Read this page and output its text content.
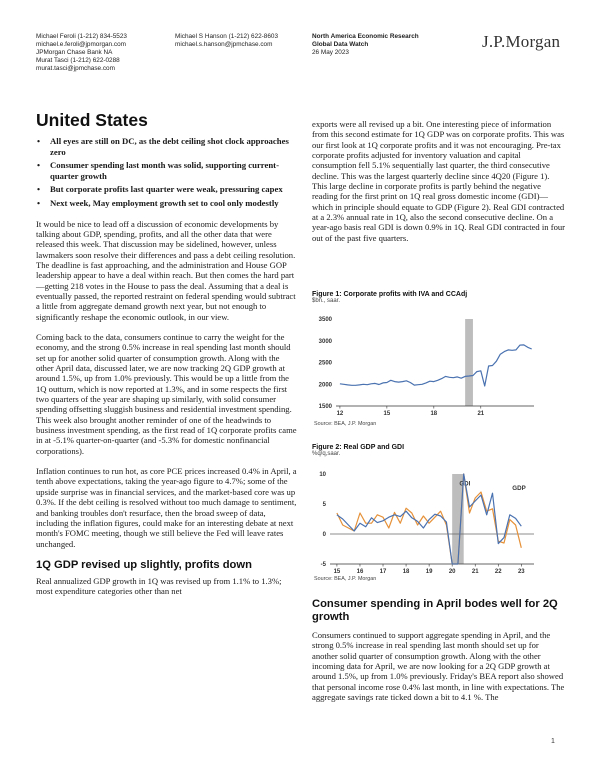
Michael Feroli (1-212) 834-5523
michael.e.feroli@jpmorgan.com
JPMorgan Chase Bank NA
Murat Tasci (1-212) 622-0288
murat.tasci@jpmchase.com
Michael S Hanson (1-212) 622-8603
michael.s.hanson@jpmchase.com
North America Economic Research
Global Data Watch
26 May 2023
J.P.Morgan
United States
• All eyes are still on DC, as the debt ceiling shot clock approaches zero
• Consumer spending last month was solid, supporting current-quarter growth
• But corporate profits last quarter were weak, pressuring capex
• Next week, May employment growth set to cool only modestly

It would be nice to lead off a discussion of economic developments by talking about GDP, spending, profits, and all the other data that were released this week. That discussion may be sidelined, however, unless lawmakers soon resolve their differences and pass a debt ceiling resolution. The deadline is fast approaching, and the administration and House GOP leadership appear to have a deal within reach. But then comes the hard part—getting 218 votes in the House to pass the deal. Assuming that a deal is eventually passed, the reported restraint on federal spending would subtract a little from aggregate demand growth next year, but not enough to significantly reshape the economic outlook, in our view.

Coming back to the data, consumers continue to carry the weight for the economy, and the strong 0.5% increase in real spending last month should set up for another solid quarter of consumption growth. Along with the other April data, discussed later, we are now tracking 2Q GDP growth at around 1.5%, up from 1.0% previously. This would be up a little from the 1Q outturn, which is now reported at 1.3%, and in some respects the first two quarters of the year are shaping up similarly, with solid consumer spending offsetting sluggish business and residential investment spending. This week also brought another reminder of one of the headwinds to business investment spending, as the first read of 1Q corporate profits came in at -5.1% quarter-on-quarter (and -5.3% for domestic nonfinancial corporations).

Inflation continues to run hot, as core PCE prices increased 0.4% in April, a tenth above expectations, taking the year-ago figure to 4.7%; some of the upside surprise was in financial services, and the market-based core was up 0.3%. If the debt ceiling is resolved without too much damage to sentiment, and banking troubles don't resurface, then the broad sweep of data, including the inflation figures, could make for an interesting debate at next month's FOMC meeting, though we still believe the Fed will leave rates unchanged.

1Q GDP revised up slightly, profits down

Real annualized GDP growth in 1Q was revised up from 1.1% to 1.3%; most expenditure categories other than net

exports were all revised up a bit. One interesting piece of information from this second estimate for 1Q GDP was on corporate profits. This was our first look at 1Q corporate profits and it was not encouraging. Pre-tax corporate profits adjusted for inventory valuation and capital consumption fell 5.1% sequentially last quarter, the third consecutive decline. This was the largest quarterly decline since 4Q20 (Figure 1). This large decline in corporate profits is partly behind the negative reading for the first print on 1Q real gross domestic income (GDI)—which in principle should equate to GDP (Figure 2). Real GDI contracted at a 2.3% annual rate in 1Q, also the second consecutive decline. On a year-ago basis real GDI is down 0.9% in 1Q. Real GDI contracted in four out of the past five quarters.

Figure 1: Corporate profits with IVA and CCAdj
$bn., saar.
1500
2000
2500
3000
3500
12	15	18	21
Source: BEA, J.P. Morgan
Figure 2: Real GDP and GDI
%q/q,saar.
-5
0
5
10
15	16	17	18	19	20	21	22	23
GDI
GDP
Source: BEA, J.P. Morgan
Consumer spending in April bodes well for 2Q growth

Consumers continued to support aggregate spending in April, and the strong 0.5% increase in real spending last month should set up for another solid quarter of consumption growth. Along with the other incoming data for April, we are now looking for a 2Q GDP growth at around 1.5%, up from 1.0% previously. Friday's BEA report also showed that personal income rose 0.4% last month, in line with expectations. The aggregate savings rate ticked down a bit to 4.1 %. The

1
